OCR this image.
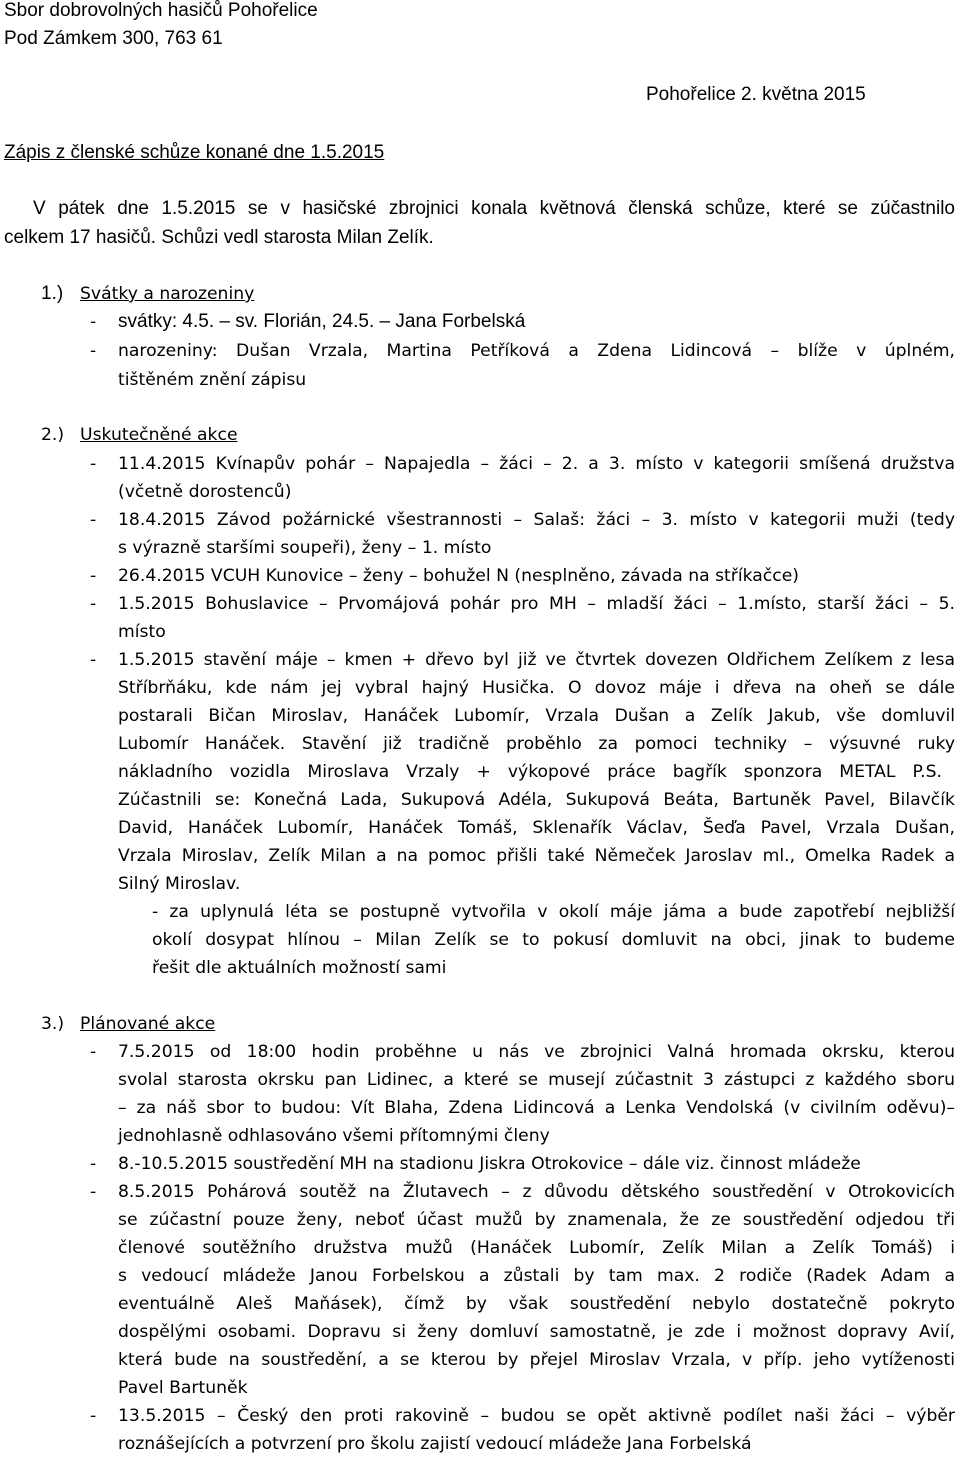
Sbor dobrovolných hasičů Pohořelice
Pod Zámkem 300, 763 61
Pohořelice 2. května 2015
Zápis z členské schůze konané dne 1.5.2015
V pátek dne 1.5.2015 se v hasičské zbrojnici konala květnová členská schůze, které se zúčastnilo
celkem 17 hasičů. Schůzi vedl starosta Milan Zelík.
1.) Svátky a narozeniny
- svátky: 4.5. – sv. Florián, 24.5. – Jana Forbelská
- narozeniny: Dušan Vrzala, Martina Petříková a Zdena Lidincová – blíže v úplném,
tištěném znění zápisu
2.) Uskutečněné akce
- 11.4.2015 Kvínapův pohár – Napajedla – žáci – 2. a 3. místo v kategorii smíšená družstva
(včetně dorostenců)
- 18.4.2015 Závod požárnické všestrannosti – Salaš: žáci – 3. místo v kategorii muži (tedy
s výrazně staršími soupeři), ženy – 1. místo
- 26.4.2015 VCUH Kunovice – ženy – bohužel N (nesplněno, závada na stříkačce)
- 1.5.2015 Bohuslavice – Prvomájová pohár pro MH – mladší žáci – 1.místo, starší žáci – 5.
místo
- 1.5.2015 stavění máje – kmen + dřevo byl již ve čtvrtek dovezen Oldřichem Zelíkem z lesa
Stříbrňáku, kde nám jej vybral hajný Husička. O dovoz máje i dřeva na oheň se dále
postarali Bičan Miroslav, Hanáček Lubomír, Vrzala Dušan a Zelík Jakub, vše domluvil
Lubomír Hanáček. Stavění již tradičně proběhlo za pomoci techniky – výsuvné ruky
nákladního vozidla Miroslava Vrzaly + výkopové práce bagřík sponzora METAL P.S.
Zúčastnili se: Konečná Lada, Sukupová Adéla, Sukupová Beáta, Bartuněk Pavel, Bilavčík
David, Hanáček Lubomír, Hanáček Tomáš, Sklenařík Václav, Šeďa Pavel, Vrzala Dušan,
Vrzala Miroslav, Zelík Milan a na pomoc přišli také Němeček Jaroslav ml., Omelka Radek a
Silný Miroslav.
- za uplynulá léta se postupně vytvořila v okolí máje jáma a bude zapotřebí nejbližší
okolí dosypat hlínou – Milan Zelík se to pokusí domluvit na obci, jinak to budeme
řešit dle aktuálních možností sami
3.) Plánované akce
- 7.5.2015 od 18:00 hodin proběhne u nás ve zbrojnici Valná hromada okrsku, kterou
svolal starosta okrsku pan Lidinec, a které se musejí zúčastnit 3 zástupci z každého sboru
– za náš sbor to budou: Vít Blaha, Zdena Lidincová a Lenka Vendolská (v civilním oděvu)–
jednohlasně odhlasováno všemi přítomnými členy
- 8.-10.5.2015 soustředění MH na stadionu Jiskra Otrokovice – dále viz. činnost mládeže
- 8.5.2015 Pohárová soutěž na Žlutavech – z důvodu dětského soustředění v Otrokovicích
se zúčastní pouze ženy, neboť účast mužů by znamenala, že ze soustředění odjedou tři
členové soutěžního družstva mužů (Hanáček Lubomír, Zelík Milan a Zelík Tomáš) i
s vedoucí mládeže Janou Forbelskou a zůstali by tam max. 2 rodiče (Radek Adam a
eventuálně Aleš Maňásek), čímž by však soustředění nebylo dostatečně pokryto
dospělými osobami. Dopravu si ženy domluví samostatně, je zde i možnost dopravy Avií,
která bude na soustředění, a se kterou by přejel Miroslav Vrzala, v příp. jeho vytíženosti
Pavel Bartuněk
- 13.5.2015 – Český den proti rakovině – budou se opět aktivně podílet naši žáci – výběr
roznášejících a potvrzení pro školu zajistí vedoucí mládeže Jana Forbelská
